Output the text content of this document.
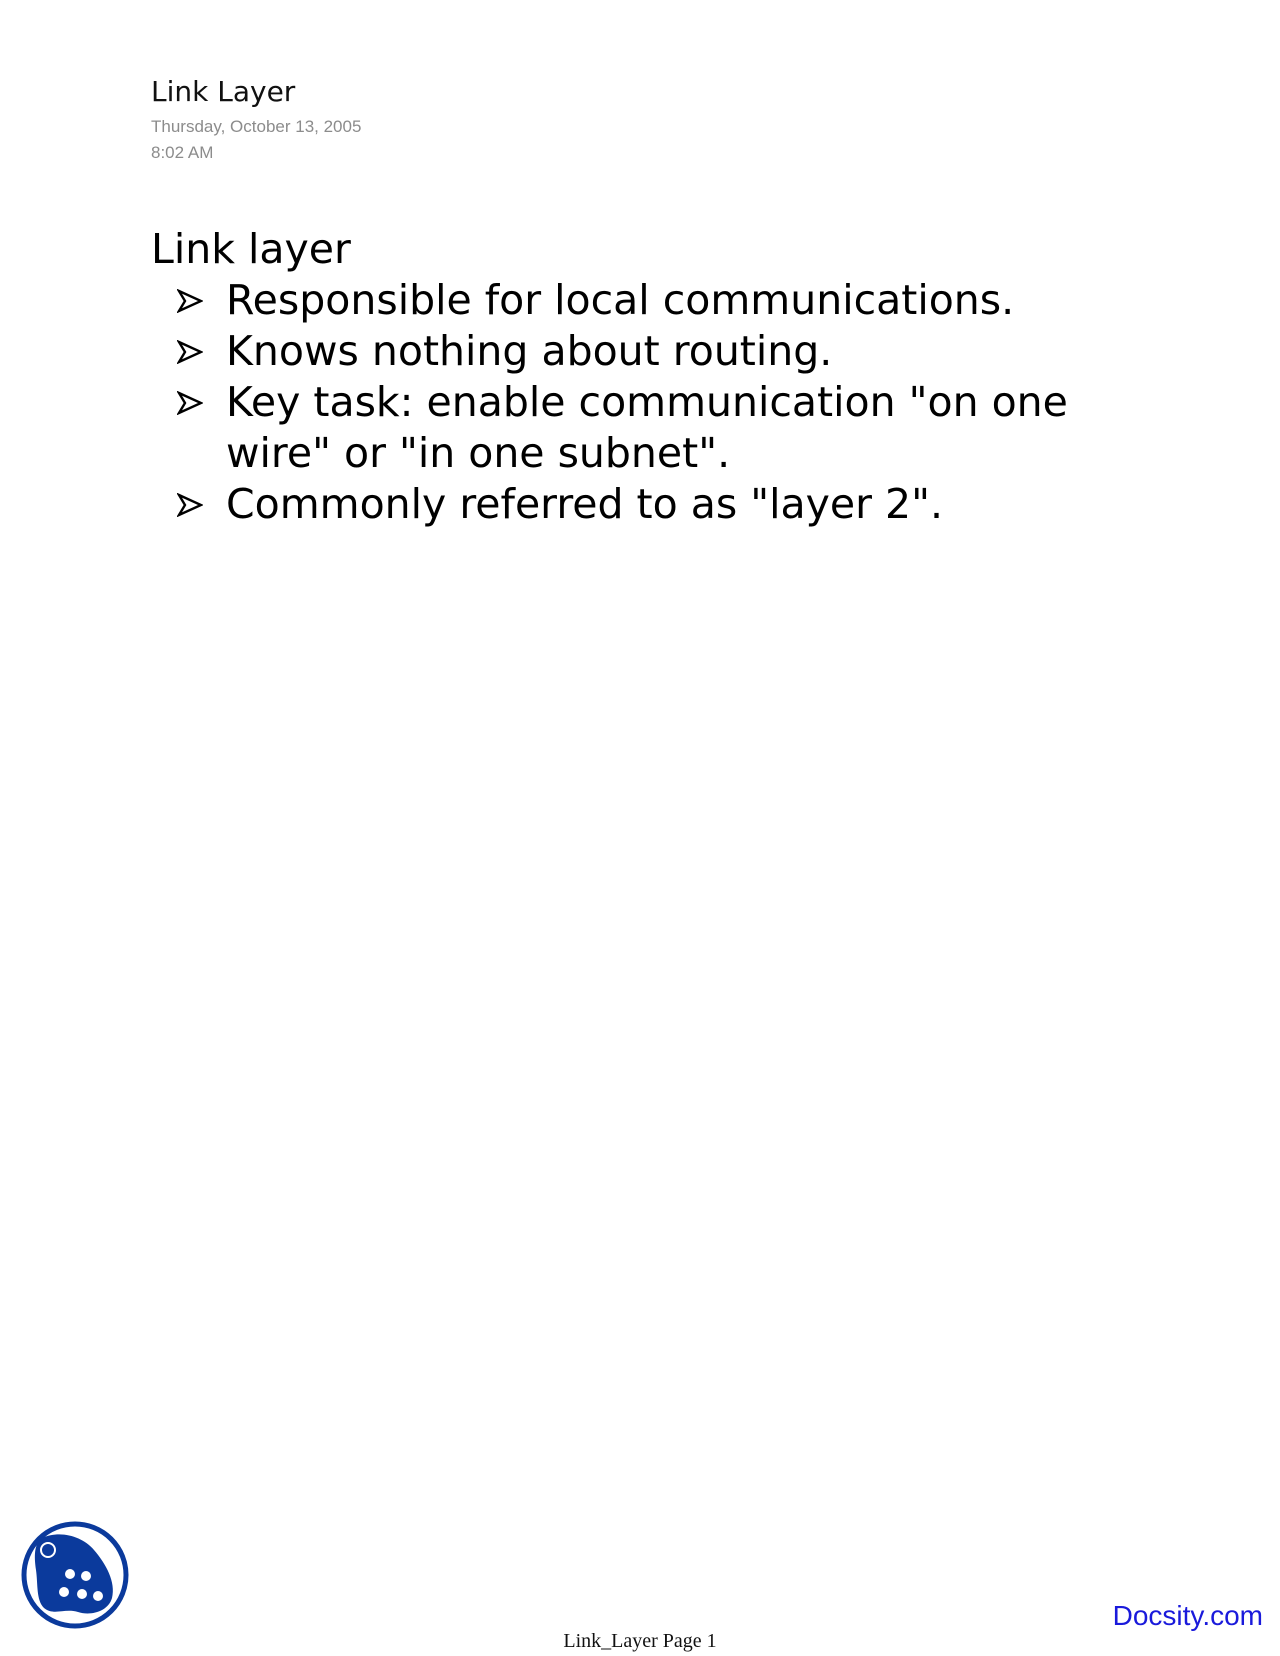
Link Layer
Thursday, October 13, 2005
8:02 AM
Link layer
Responsible for local communications.
Knows nothing about routing.
Key task: enable communication "on one wire" or "in one subnet".
Commonly referred to as "layer 2".
Docsity.com
Link_Layer Page 1
